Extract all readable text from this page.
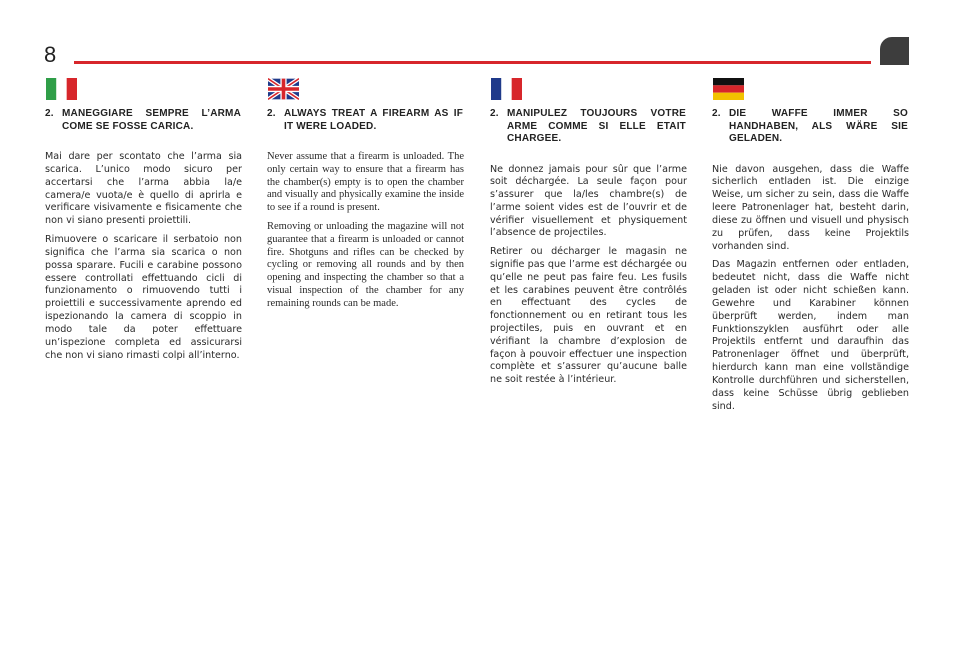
8
2. MANEGGIARE SEMPRE L’ARMA COME SE FOSSE CARICA.

Mai dare per scontato che l’arma sia scarica. L’unico modo sicuro per accertarsi che l’arma abbia la/e camera/e vuota/e è quello di aprirla e verificare visivamente e fisicamente che non vi siano presenti proiettili.

Rimuovere o scaricare il serbatoio non significa che l’arma sia scarica o non possa sparare. Fucili e carabine possono essere controllati effettuando cicli di funzionamento o rimuovendo tutti i proiettili e successivamente aprendo ed ispezionando la camera di scoppio in modo tale da poter effettuare un’ispezione completa ed assicurarsi che non vi siano rimasti colpi all’interno.

2. ALWAYS TREAT A FIREARM AS IF IT WERE LOADED.

Never assume that a firearm is unloaded. The only certain way to ensure that a firearm has the chamber(s) empty is to open the chamber and visually and physically examine the inside to see if a round is present.

Removing or unloading the magazine will not guarantee that a firearm is unloaded or cannot fire. Shotguns and rifles can be checked by cycling or removing all rounds and by then opening and inspecting the chamber so that a visual inspection of the chamber for any remaining rounds can be made.

2. MANIPULEZ TOUJOURS VOTRE ARME COMME SI ELLE ETAIT CHARGEE.

Ne donnez jamais pour sûr que l’arme soit déchargée. La seule façon pour s’assurer que la/les chambre(s) de l’arme soient vides est de l’ouvrir et de vérifier visuellement et physiquement l’absence de projectiles.

Retirer ou décharger le magasin ne signifie pas que l’arme est déchargée ou qu’elle ne peut pas faire feu. Les fusils et les carabines peuvent être contrôlés en effectuant des cycles de fonctionnement ou en retirant tous les projectiles, puis en ouvrant et en vérifiant la chambre d’explosion de façon à pouvoir effectuer une inspection complète et s’assurer qu’aucune balle ne soit restée à l’intérieur.

2. DIE WAFFE IMMER SO HANDHABEN, ALS WÄRE SIE GELADEN.

Nie davon ausgehen, dass die Waffe sicherlich entladen ist. Die einzige Weise, um sicher zu sein, dass die Waffe leere Patronenlager hat, besteht darin, diese zu öffnen und visuell und physisch zu prüfen, dass keine Projektils vorhanden sind.

Das Magazin entfernen oder entladen, bedeutet nicht, dass die Waffe nicht geladen ist oder nicht schießen kann. Gewehre und Karabiner können überprüft werden, indem man Funktionszyklen ausführt oder alle Projektils entfernt und daraufhin das Patronenlager öffnet und überprüft, hierdurch kann man eine vollständige Kontrolle durchführen und sicherstellen, dass keine Schüsse übrig geblieben sind.
